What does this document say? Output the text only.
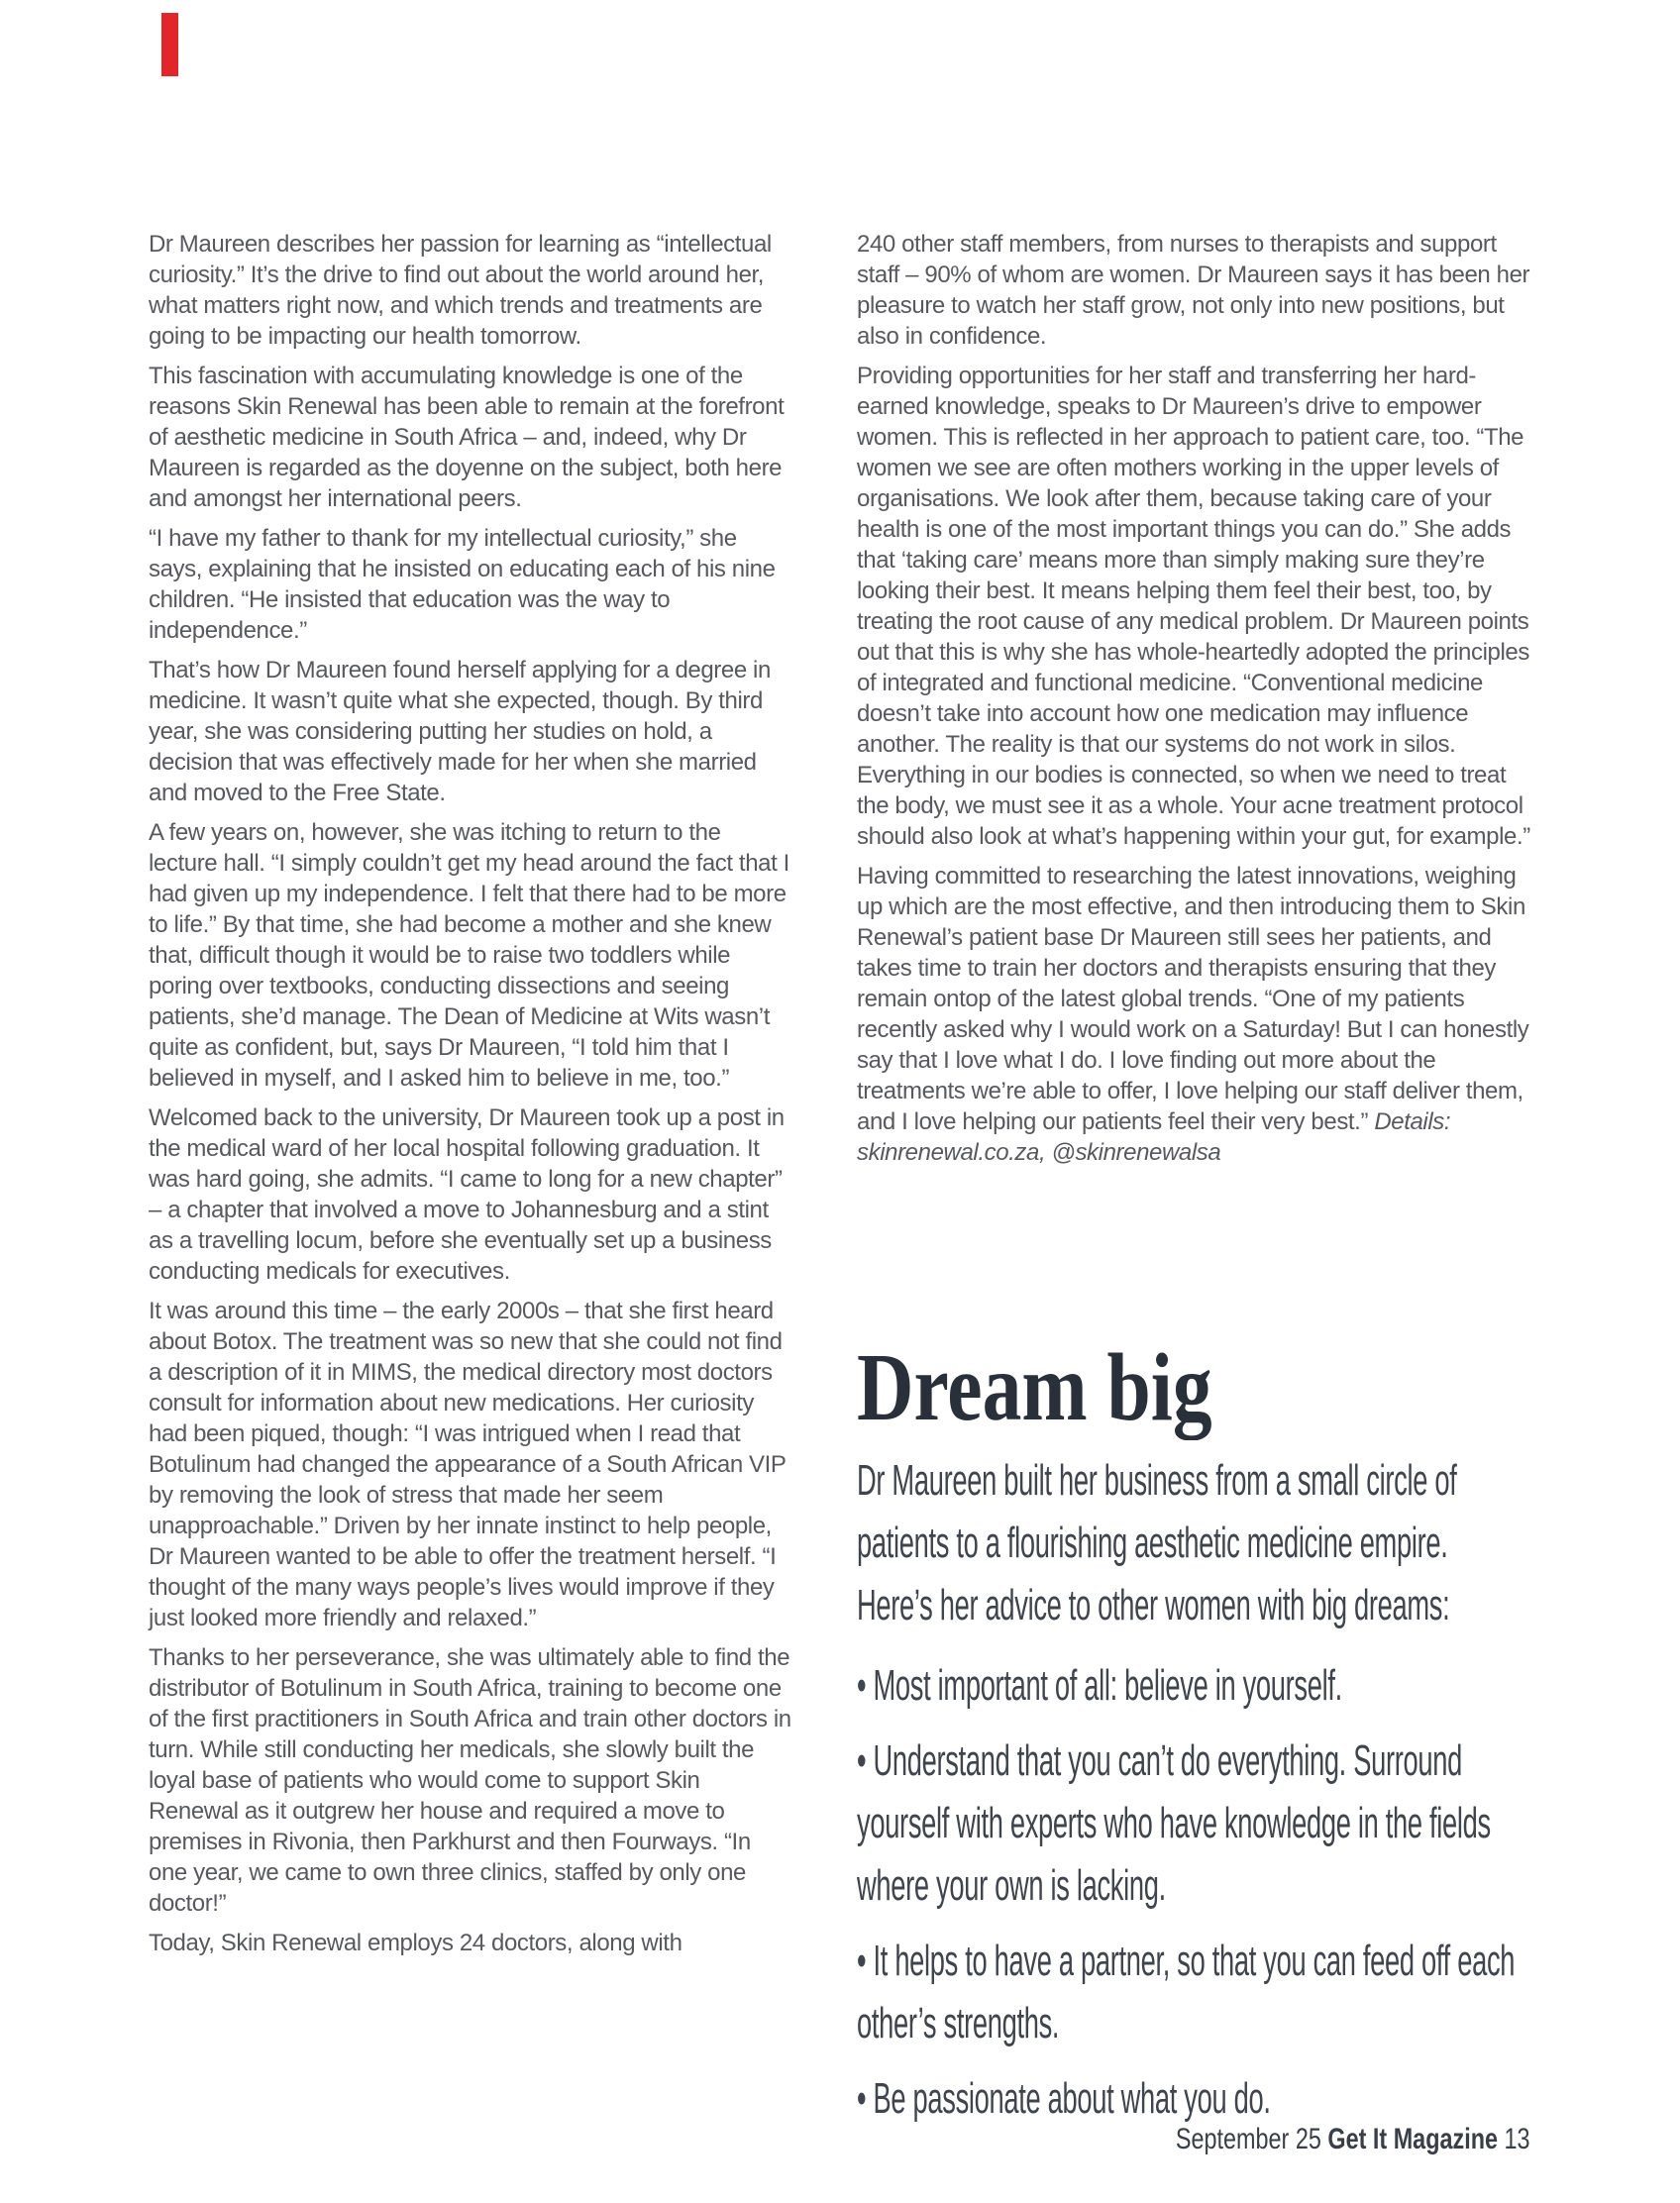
Dr Maureen describes her passion for learning as “intellectual curiosity.” It’s the drive to find out about the world around her, what matters right now, and which trends and treatments are going to be impacting our health tomorrow.

This fascination with accumulating knowledge is one of the reasons Skin Renewal has been able to remain at the forefront of aesthetic medicine in South Africa – and, indeed, why Dr Maureen is regarded as the doyenne on the subject, both here and amongst her international peers.

“I have my father to thank for my intellectual curiosity,” she says, explaining that he insisted on educating each of his nine children. “He insisted that education was the way to independence.”

That’s how Dr Maureen found herself applying for a degree in medicine. It wasn’t quite what she expected, though. By third year, she was considering putting her studies on hold, a decision that was effectively made for her when she married and moved to the Free State.

A few years on, however, she was itching to return to the lecture hall. “I simply couldn’t get my head around the fact that I had given up my independence. I felt that there had to be more to life.” By that time, she had become a mother and she knew that, difficult though it would be to raise two toddlers while poring over textbooks, conducting dissections and seeing patients, she’d manage. The Dean of Medicine at Wits wasn’t quite as confident, but, says Dr Maureen, “I told him that I believed in myself, and I asked him to believe in me, too.”

Welcomed back to the university, Dr Maureen took up a post in the medical ward of her local hospital following graduation. It was hard going, she admits. “I came to long for a new chapter” – a chapter that involved a move to Johannesburg and a stint as a travelling locum, before she eventually set up a business conducting medicals for executives.

It was around this time – the early 2000s – that she first heard about Botox. The treatment was so new that she could not find a description of it in MIMS, the medical directory most doctors consult for information about new medications. Her curiosity had been piqued, though: “I was intrigued when I read that Botulinum had changed the appearance of a South African VIP by removing the look of stress that made her seem unapproachable.” Driven by her innate instinct to help people, Dr Maureen wanted to be able to offer the treatment herself. “I thought of the many ways people’s lives would improve if they just looked more friendly and relaxed.”

Thanks to her perseverance, she was ultimately able to find the distributor of Botulinum in South Africa, training to become one of the first practitioners in South Africa and train other doctors in turn. While still conducting her medicals, she slowly built the loyal base of patients who would come to support Skin Renewal as it outgrew her house and required a move to premises in Rivonia, then Parkhurst and then Fourways. “In one year, we came to own three clinics, staffed by only one doctor!”

Today, Skin Renewal employs 24 doctors, along with

240 other staff members, from nurses to therapists and support staff – 90% of whom are women. Dr Maureen says it has been her pleasure to watch her staff grow, not only into new positions, but also in confidence.

Providing opportunities for her staff and transferring her hard-earned knowledge, speaks to Dr Maureen’s drive to empower women. This is reflected in her approach to patient care, too. “The women we see are often mothers working in the upper levels of organisations. We look after them, because taking care of your health is one of the most important things you can do.” She adds that ‘taking care’ means more than simply making sure they’re looking their best. It means helping them feel their best, too, by treating the root cause of any medical problem. Dr Maureen points out that this is why she has whole-heartedly adopted the principles of integrated and functional medicine. “Conventional medicine doesn’t take into account how one medication may influence another. The reality is that our systems do not work in silos. Everything in our bodies is connected, so when we need to treat the body, we must see it as a whole. Your acne treatment protocol should also look at what’s happening within your gut, for example.”

Having committed to researching the latest innovations, weighing up which are the most effective, and then introducing them to Skin Renewal’s patient base Dr Maureen still sees her patients, and takes time to train her doctors and therapists ensuring that they remain ontop of the latest global trends. “One of my patients recently asked why I would work on a Saturday! But I can honestly say that I love what I do. I love finding out more about the treatments we’re able to offer, I love helping our staff deliver them, and I love helping our patients feel their very best.” Details: skinrenewal.co.za, @skinrenewalsa

Dream big
Dr Maureen built her business from a small circle of patients to a flourishing aesthetic medicine empire. Here’s her advice to other women with big dreams:
• Most important of all: believe in yourself.
• Understand that you can’t do everything. Surround yourself with experts who have knowledge in the fields where your own is lacking.
• It helps to have a partner, so that you can feed off each other’s strengths.
• Be passionate about what you do.
September 25 Get It Magazine 13
